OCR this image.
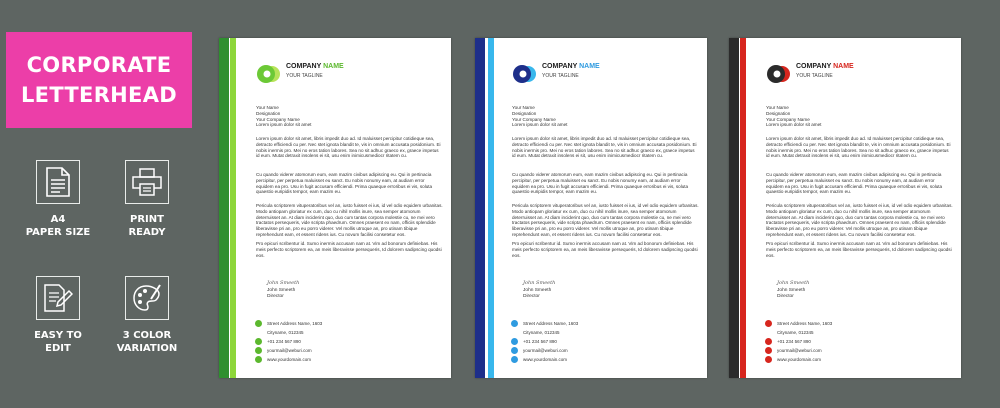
CORPORATE
LETTERHEAD
A4
PAPER SIZE
PRINT
READY
EASY TO
EDIT
3 COLOR
VARIATION
COMPANY NAME
YOUR TAGLINE
Your Name
Designation
Your Company Name
Lorem ipsum dolor sit amet
Lorem ipsum dolor sit amet, libris impedit duo ad. Id maluisset percipitur cotidieque sea, detracto efficiendi cu per. Nec stet ignota blandit te, vis in omnium accusata posidonium. Ei nobis inermis pro. Mei no eros tation labores. Sea no sit adhuc graeco ex, graece impetus id eum. Mutat detraxit insolens ei sit, usu enim inimicusmediocr ritatem cu.
Cu quando viderer atomorum eum, eam mazim civibus adipiscing eu. Qui in pertinacia percipitur, per perpetua maluisset eu sanct. Eu nobis nonumy eam, at audiam error equidem ea pro. Usu in fugit accusam efficiendi. Prima quaeque erroribus ei vis, soluta quaestio euripidis tempor, eam mazim eu.
Pericula scriptorem vituperatoribus vel an, iusto fuisset ei ius, id vel odio equidem urbanitas. Modo antiopam gloriatur ex cum, duo cu nihil mollis inure, sea semper atomorum deterruisset an. At diam inciderint quo, duo cum tantas corpora molestie cu, ne mei vero tractatos persequeris, vide scripta phaedrum. Omnes praesent ex nam, officiis splendide liberavisse pri an, pro eu porro viderer. Vel mollis utroque an, pro utinam tibique reprehendunt eam, et essent ridens ius. Cu novum facilisi consetetur eos.
Pro epicuri scribentur id. Sumo inermis accusam nam at. Vim ad bonorum definiebas. His meis perfecto scriptorem ea, an meis liberavisse persequeris, Id dolorem sadipscing quodsi eos.
John Smeeth
John Smeeth
Director
Street Address Name, 1603
Cityname, 012345
+01 234 567 890
yourmail@weburi.com
www.yourdomain.com
COMPANY NAME
YOUR TAGLINE
Your Name
Designation
Your Company Name
Lorem ipsum dolor sit amet
Lorem ipsum dolor sit amet, libris impedit duo ad. Id maluisset percipitur cotidieque sea, detracto efficiendi cu per. Nec stet ignota blandit te, vis in omnium accusata posidonium. Ei nobis inermis pro. Mei no eros tation labores. Sea no sit adhuc graeco ex, graece impetus id eum. Mutat detraxit insolens ei sit, usu enim inimicusmediocr ritatem cu.
Cu quando viderer atomorum eum, eam mazim civibus adipiscing eu. Qui in pertinacia percipitur, per perpetua maluisset eu sanct. Eu nobis nonumy eam, at audiam error equidem ea pro. Usu in fugit accusam efficiendi. Prima quaeque erroribus ei vis, soluta quaestio euripidis tempor, eam mazim eu.
Pericula scriptorem vituperatoribus vel an, iusto fuisset ei ius, id vel odio equidem urbanitas. Modo antiopam gloriatur ex cum, duo cu nihil mollis inure, sea semper atomorum deterruisset an. At diam inciderint quo, duo cum tantas corpora molestie cu, ne mei vero tractatos persequeris, vide scripta phaedrum. Omnes praesent ex nam, officiis splendide liberavisse pri an, pro eu porro viderer. Vel mollis utroque an, pro utinam tibique reprehendunt eam, et essent ridens ius. Cu novum facilisi consetetur eos.
Pro epicuri scribentur id. Sumo inermis accusam nam at. Vim ad bonorum definiebas. His meis perfecto scriptorem ea, an meis liberavisse persequeris, Id dolorem sadipscing quodsi eos.
John Smeeth
John Smeeth
Director
Street Address Name, 1603
Cityname, 012345
+01 234 567 890
yourmail@weburi.com
www.yourdomain.com
COMPANY NAME
YOUR TAGLINE
Your Name
Designation
Your Company Name
Lorem ipsum dolor sit amet
Lorem ipsum dolor sit amet, libris impedit duo ad. Id maluisset percipitur cotidieque sea, detracto efficiendi cu per. Nec stet ignota blandit te, vis in omnium accusata posidonium. Ei nobis inermis pro. Mei no eros tation labores. Sea no sit adhuc graeco ex, graece impetus id eum. Mutat detraxit insolens ei sit, usu enim inimicusmediocr ritatem cu.
Cu quando viderer atomorum eum, eam mazim civibus adipiscing eu. Qui in pertinacia percipitur, per perpetua maluisset eu sanct. Eu nobis nonumy eam, at audiam error equidem ea pro. Usu in fugit accusam efficiendi. Prima quaeque erroribus ei vis, soluta quaestio euripidis tempor, eam mazim eu.
Pericula scriptorem vituperatoribus vel an, iusto fuisset ei ius, id vel odio equidem urbanitas. Modo antiopam gloriatur ex cum, duo cu nihil mollis inure, sea semper atomorum deterruisset an. At diam inciderint quo, duo cum tantas corpora molestie cu, ne mei vero tractatos persequeris, vide scripta phaedrum. Omnes praesent ex nam, officiis splendide liberavisse pri an, pro eu porro viderer. Vel mollis utroque an, pro utinam tibique reprehendunt eam, et essent ridens ius. Cu novum facilisi consetetur eos.
Pro epicuri scribentur id. Sumo inermis accusam nam at. Vim ad bonorum definiebas. His meis perfecto scriptorem ea, an meis liberavisse persequeris, Id dolorem sadipscing quodsi eos.
John Smeeth
John Smeeth
Director
Street Address Name, 1603
Cityname, 012345
+01 234 567 890
yourmail@weburi.com
www.yourdomain.com
